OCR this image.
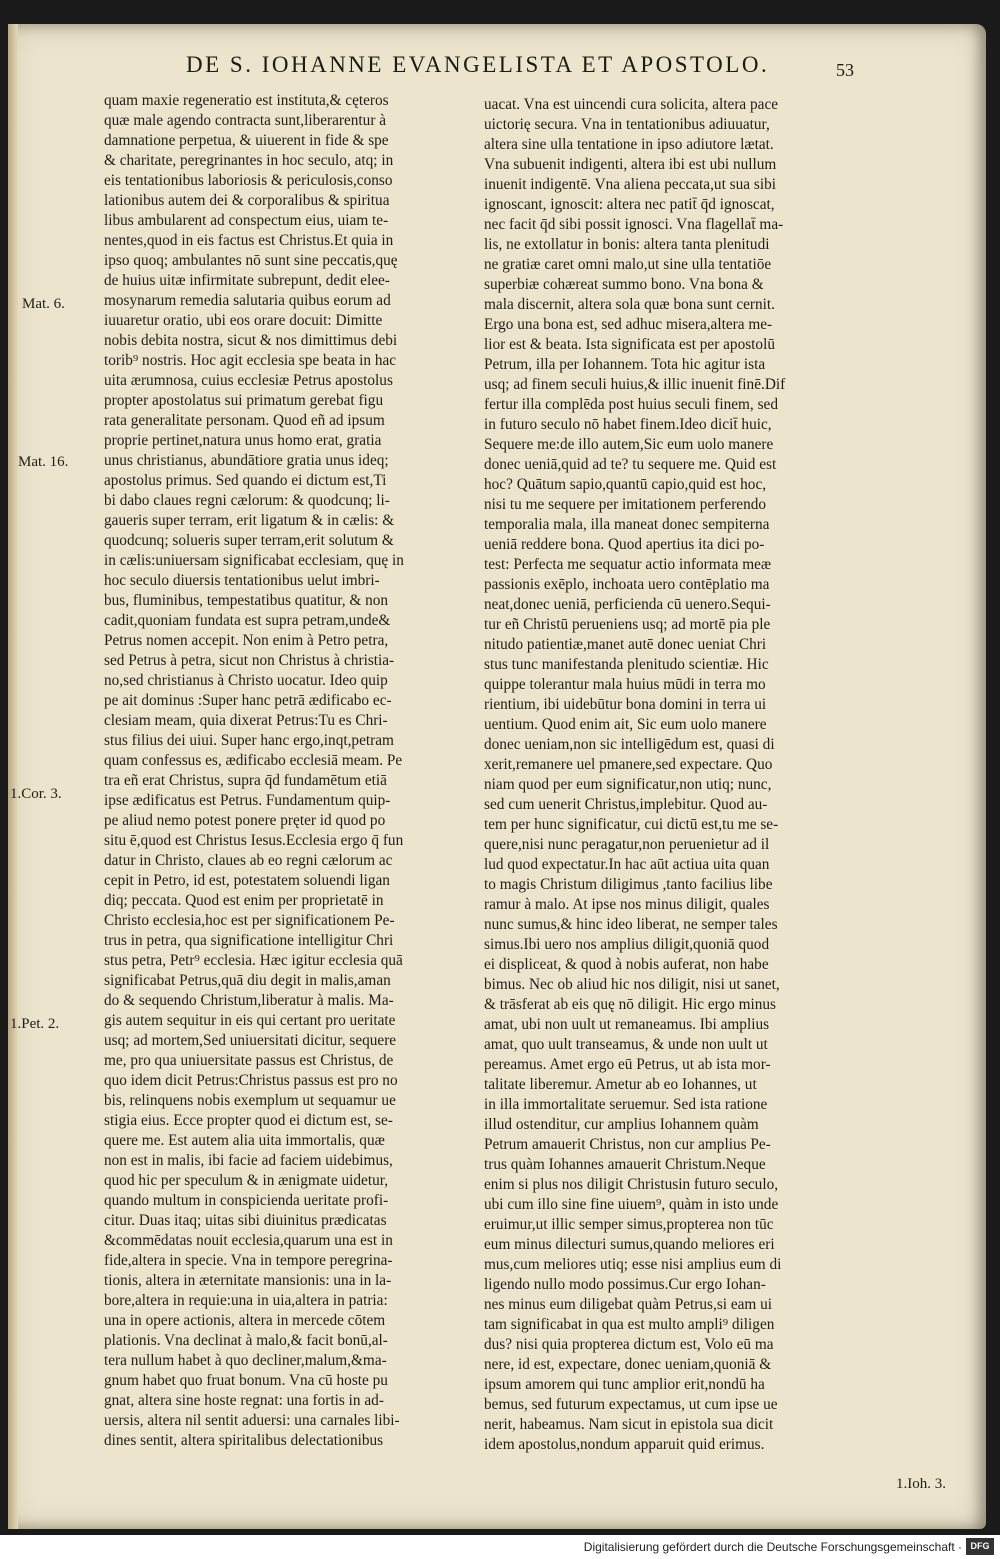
DE S. IOHANNE EVANGELISTA ET APOSTOLO.	53
quam maxie regeneratio est instituta,& cęteros
quæ male agendo contracta sunt,liberarentur à
damnatione perpetua, & uiuerent in fide & spe
& charitate, peregrinantes in hoc seculo, atq; in
eis tentationibus laboriosis & periculosis,conso
lationibus autem dei & corporalibus & spiritua
libus ambularent ad conspectum eius, uiam te-
nentes,quod in eis factus est Christus.Et quia in
ipso quoq; ambulantes nō sunt sine peccatis,quę
de huius uitæ infirmitate subrepunt, dedit elee-
mosynarum remedia salutaria quibus eorum ad
iuuaretur oratio, ubi eos orare docuit: Dimitte
nobis debita nostra, sicut & nos dimittimus debi
torib⁹ nostris. Hoc agit ecclesia spe beata in hac
uita ærumnosa, cuius ecclesiæ Petrus apostolus
propter apostolatus sui primatum gerebat figu
rata generalitate personam. Quod eñ ad ipsum
proprie pertinet,natura unus homo erat, gratia
unus christianus, abundātiore gratia unus ideq;
apostolus primus. Sed quando ei dictum est,Ti
bi dabo claues regni cælorum: & quodcunq; li-
gaueris super terram, erit ligatum & in cælis: &
quodcunq; solueris super terram,erit solutum &
in cælis:uniuersam significabat ecclesiam, quę in
hoc seculo diuersis tentationibus uelut imbri-
bus, fluminibus, tempestatibus quatitur, & non
cadit,quoniam fundata est supra petram,unde&
Petrus nomen accepit. Non enim à Petro petra,
sed Petrus à petra, sicut non Christus à christia-
no,sed christianus à Christo uocatur. Ideo quip
pe ait dominus :Super hanc petrā ædificabo ec-
clesiam meam, quia dixerat Petrus:Tu es Chri-
stus filius dei uiui. Super hanc ergo,inqt,petram
quam confessus es, ædificabo ecclesiā meam. Pe
tra eñ erat Christus, supra q̄d fundamētum etiā
ipse ædificatus est Petrus. Fundamentum quip-
pe aliud nemo potest ponere pręter id quod po
situ ē,quod est Christus Iesus.Ecclesia ergo q̄ fun
datur in Christo, claues ab eo regni cælorum ac
cepit in Petro, id est, potestatem soluendi ligan
diq; peccata. Quod est enim per proprietatē in
Christo ecclesia,hoc est per significationem Pe-
trus in petra, qua significatione intelligitur Chri
stus petra, Petr⁹ ecclesia. Hæc igitur ecclesia quā
significabat Petrus,quā diu degit in malis,aman
do & sequendo Christum,liberatur à malis. Ma-
gis autem sequitur in eis qui certant pro ueritate
usq; ad mortem,Sed uniuersitati dicitur, sequere
me, pro qua uniuersitate passus est Christus, de
quo idem dicit Petrus:Christus passus est pro no
bis, relinquens nobis exemplum ut sequamur ue
stigia eius. Ecce propter quod ei dictum est, se-
quere me. Est autem alia uita immortalis, quæ
non est in malis, ibi facie ad faciem uidebimus,
quod hic per speculum & in ænigmate uidetur,
quando multum in conspicienda ueritate profi-
citur. Duas itaq; uitas sibi diuinitus prædicatas
&commēdatas nouit ecclesia,quarum una est in
fide,altera in specie. Vna in tempore peregrina-
tionis, altera in æternitate mansionis: una in la-
bore,altera in requie:una in uia,altera in patria:
una in opere actionis, altera in mercede cōtem
plationis. Vna declinat à malo,& facit bonū,al-
tera nullum habet à quo decliner,malum,&ma-
gnum habet quo fruat bonum. Vna cū hoste pu
gnat, altera sine hoste regnat: una fortis in ad-
uersis, altera nil sentit aduersi: una carnales libi-
dines sentit, altera spiritalibus delectationibus
uacat. Vna est uincendi cura solicita, altera pace
uictorię secura. Vna in tentationibus adiuuatur,
altera sine ulla tentatione in ipso adiutore lætat.
Vna subuenit indigenti, altera ibi est ubi nullum
inuenit indigentē. Vna aliena peccata,ut sua sibi
ignoscant, ignoscit: altera nec patit̄ q̄d ignoscat,
nec facit q̄d sibi possit ignosci. Vna flagellat̄ ma-
lis, ne extollatur in bonis: altera tanta plenitudi
ne gratiæ caret omni malo,ut sine ulla tentatiōe
superbiæ cohæreat summo bono. Vna bona &
mala discernit, altera sola quæ bona sunt cernit.
Ergo una bona est, sed adhuc misera,altera me-
lior est & beata. Ista significata est per apostolū
Petrum, illa per Iohannem. Tota hic agitur ista
usq; ad finem seculi huius,& illic inuenit finē.Dif
fertur illa complēda post huius seculi finem, sed
in futuro seculo nō habet finem.Ideo dicit̄ huic,
Sequere me:de illo autem,Sic eum uolo manere
donec ueniā,quid ad te? tu sequere me. Quid est
hoc? Quātum sapio,quantū capio,quid est hoc,
nisi tu me sequere per imitationem perferendo
temporalia mala, illa maneat donec sempiterna
ueniā reddere bona. Quod apertius ita dici po-
test: Perfecta me sequatur actio informata meæ
passionis exēplo, inchoata uero contēplatio ma
neat,donec ueniā, perficienda cū uenero.Sequi-
tur eñ Christū perueniens usq; ad mortē pia ple
nitudo patientiæ,manet autē donec ueniat Chri
stus tunc manifestanda plenitudo scientiæ. Hic
quippe tolerantur mala huius mūdi in terra mo
rientium, ibi uidebūtur bona domini in terra ui
uentium. Quod enim ait, Sic eum uolo manere
donec ueniam,non sic intelligēdum est, quasi di
xerit,remanere uel pmanere,sed expectare. Quo
niam quod per eum significatur,non utiq; nunc,
sed cum uenerit Christus,implebitur. Quod au-
tem per hunc significatur, cui dictū est,tu me se-
quere,nisi nunc peragatur,non peruenietur ad il
lud quod expectatur.In hac aūt actiua uita quan
to magis Christum diligimus ,tanto facilius libe
ramur à malo. At ipse nos minus diligit, quales
nunc sumus,& hinc ideo liberat, ne semper tales
simus.Ibi uero nos amplius diligit,quoniā quod
ei displiceat, & quod à nobis auferat, non habe
bimus. Nec ob aliud hic nos diligit, nisi ut sanet,
& trāsferat ab eis quę nō diligit. Hic ergo minus
amat, ubi non uult ut remaneamus. Ibi amplius
amat, quo uult transeamus, & unde non uult ut
pereamus. Amet ergo eū Petrus, ut ab ista mor-
talitate liberemur. Ametur ab eo Iohannes, ut
in illa immortalitate seruemur. Sed ista ratione
illud ostenditur, cur amplius Iohannem quàm
Petrum amauerit Christus, non cur amplius Pe-
trus quàm Iohannes amauerit Christum.Neque
enim si plus nos diligit Christusin futuro seculo,
ubi cum illo sine fine uiuem⁹, quàm in isto unde
eruimur,ut illic semper simus,propterea non tūc
eum minus dilecturi sumus,quando meliores eri
mus,cum meliores utiq; esse nisi amplius eum di
ligendo nullo modo possimus.Cur ergo Iohan-
nes minus eum diligebat quàm Petrus,si eam ui
tam significabat in qua est multo ampli⁹ diligen
dus? nisi quia propterea dictum est, Volo eū ma
nere, id est, expectare, donec ueniam,quoniā &
ipsum amorem qui tunc amplior erit,nondū ha
bemus, sed futurum expectamus, ut cum ipse ue
nerit, habeamus. Nam sicut in epistola sua dicit
idem apostolus,nondum apparuit quid erimus.
Mat. 6.
Mat. 16.
1.Cor. 3.
1.Pet. 2.
1.Ioh. 3.
Digitalisierung gefördert durch die Deutsche Forschungsgemeinschaft · DFG
